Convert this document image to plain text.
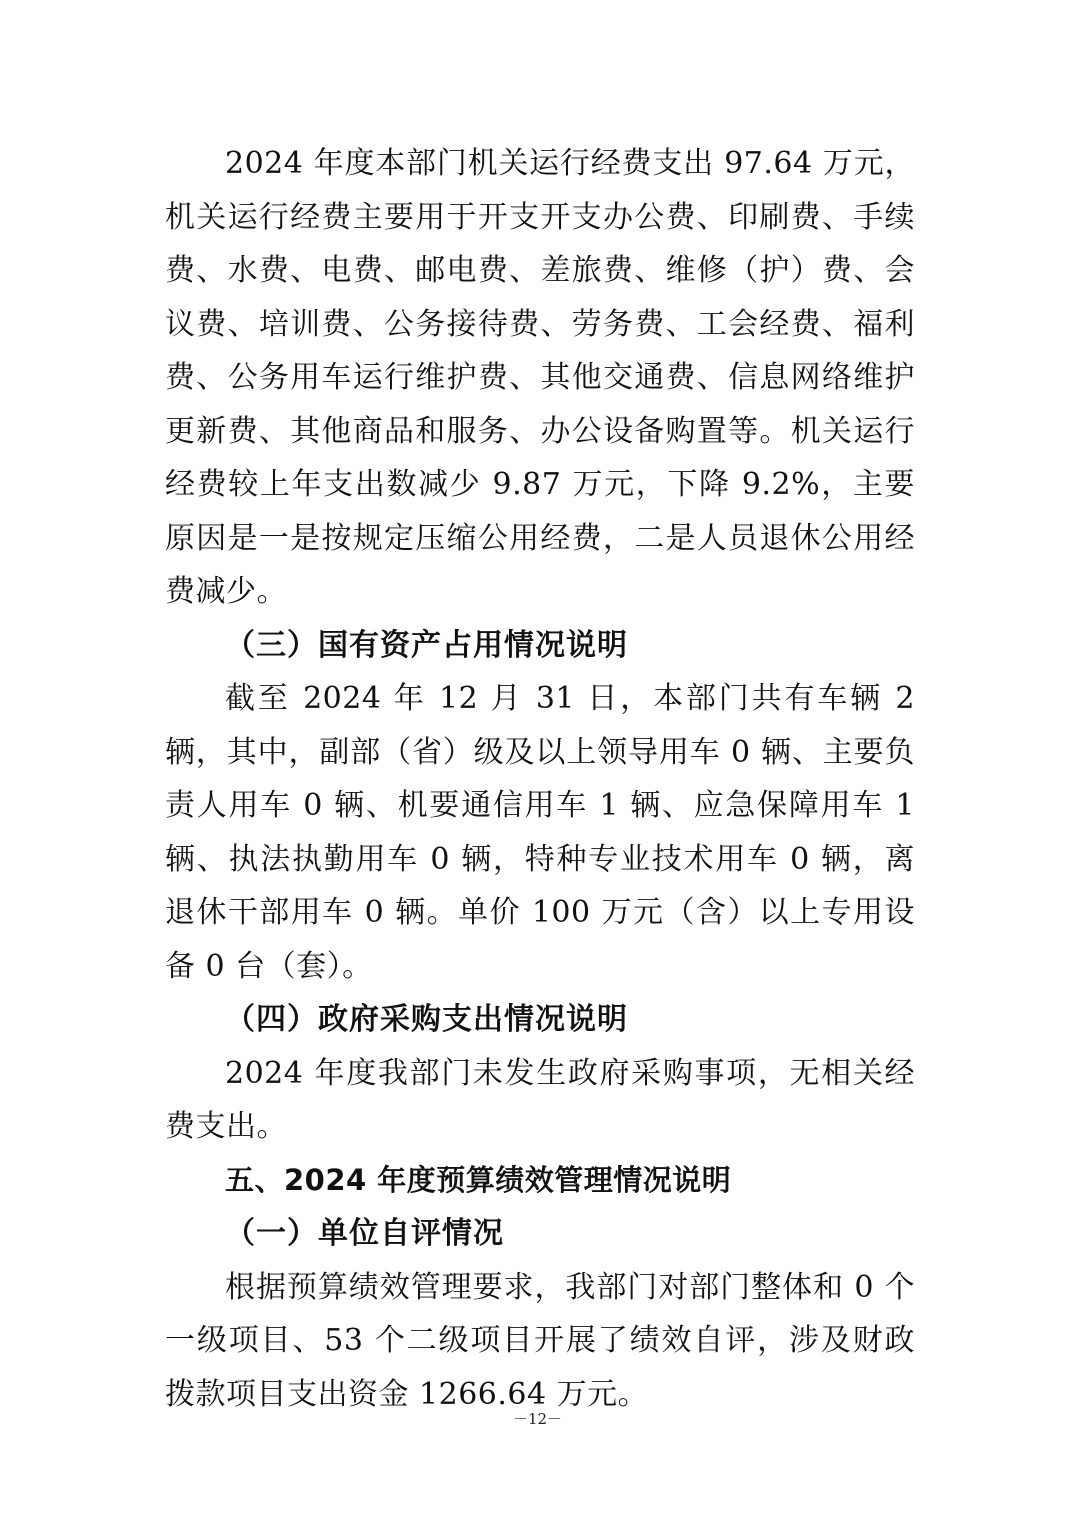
2024 年度本部门机关运行经费支出 97.64 万元，机关运行经费主要用于开支开支办公费、印刷费、手续费、水费、电费、邮电费、差旅费、维修（护）费、会议费、培训费、公务接待费、劳务费、工会经费、福利费、公务用车运行维护费、其他交通费、信息网络维护更新费、其他商品和服务、办公设备购置等。机关运行经费较上年支出数减少 9.87 万元，下降 9.2%，主要原因是一是按规定压缩公用经费，二是人员退休公用经费减少。

（三）国有资产占用情况说明

截至 2024 年 12 月 31 日，本部门共有车辆 2 辆，其中，副部（省）级及以上领导用车 0 辆、主要负责人用车 0 辆、机要通信用车 1 辆、应急保障用车 1 辆、执法执勤用车 0 辆，特种专业技术用车 0 辆，离退休干部用车 0 辆。单价 100 万元（含）以上专用设备 0 台（套）。

（四）政府采购支出情况说明

2024 年度我部门未发生政府采购事项，无相关经费支出。

五、2024 年度预算绩效管理情况说明

（一）单位自评情况

根据预算绩效管理要求，我部门对部门整体和 0 个一级项目、53 个二级项目开展了绩效自评，涉及财政拨款项目支出资金 1266.64 万元。

－12－
